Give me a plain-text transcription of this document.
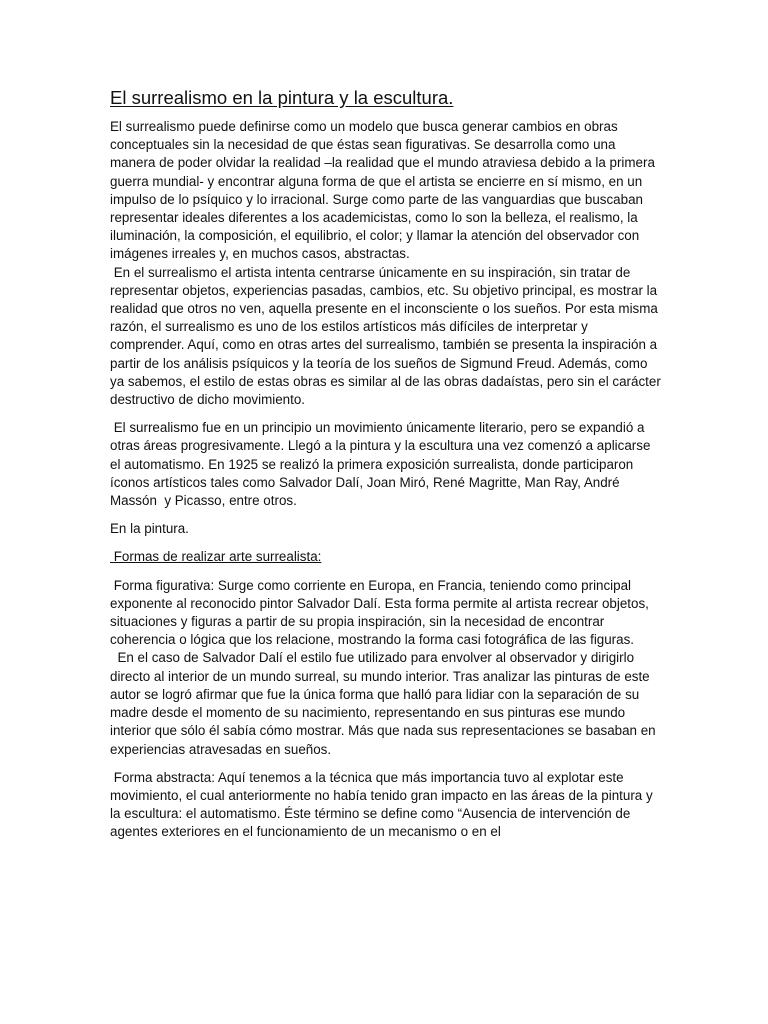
El surrealismo en la pintura y la escultura.

El surrealismo puede definirse como un modelo que busca generar cambios en obras conceptuales sin la necesidad de que éstas sean figurativas. Se desarrolla como una manera de poder olvidar la realidad –la realidad que el mundo atraviesa debido a la primera guerra mundial- y encontrar alguna forma de que el artista se encierre en sí mismo, en un impulso de lo psíquico y lo irracional. Surge como parte de las vanguardias que buscaban representar ideales diferentes a los academicistas, como lo son la belleza, el realismo, la iluminación, la composición, el equilibrio, el color; y llamar la atención del observador con imágenes irreales y, en muchos casos, abstractas.

En el surrealismo el artista intenta centrarse únicamente en su inspiración, sin tratar de representar objetos, experiencias pasadas, cambios, etc. Su objetivo principal, es mostrar la realidad que otros no ven, aquella presente en el inconsciente o los sueños. Por esta misma razón, el surrealismo es uno de los estilos artísticos más difíciles de interpretar y comprender. Aquí, como en otras artes del surrealismo, también se presenta la inspiración a partir de los análisis psíquicos y la teoría de los sueños de Sigmund Freud. Además, como ya sabemos, el estilo de estas obras es similar al de las obras dadaístas, pero sin el carácter destructivo de dicho movimiento.

El surrealismo fue en un principio un movimiento únicamente literario, pero se expandió a otras áreas progresivamente. Llegó a la pintura y la escultura una vez comenzó a aplicarse el automatismo. En 1925 se realizó la primera exposición surrealista, donde participaron íconos artísticos tales como Salvador Dalí, Joan Miró, René Magritte, Man Ray, André  Massón  y Picasso, entre otros.

En la pintura.

Formas de realizar arte surrealista:

Forma figurativa: Surge como corriente en Europa, en Francia, teniendo como principal exponente al reconocido pintor Salvador Dalí. Esta forma permite al artista recrear objetos, situaciones y figuras a partir de su propia inspiración, sin la necesidad de encontrar coherencia o lógica que los relacione, mostrando la forma casi fotográfica de las figuras.

En el caso de Salvador Dalí el estilo fue utilizado para envolver al observador y dirigirlo directo al interior de un mundo surreal, su mundo interior. Tras analizar las pinturas de este autor se logró afirmar que fue la única forma que halló para lidiar con la separación de su madre desde el momento de su nacimiento, representando en sus pinturas ese mundo interior que sólo él sabía cómo mostrar. Más que nada sus representaciones se basaban en experiencias atravesadas en sueños.

Forma abstracta: Aquí tenemos a la técnica que más importancia tuvo al explotar este movimiento, el cual anteriormente no había tenido gran impacto en las áreas de la pintura y la escultura: el automatismo. Éste término se define como “Ausencia de intervención de agentes exteriores en el funcionamiento de un mecanismo o en el
